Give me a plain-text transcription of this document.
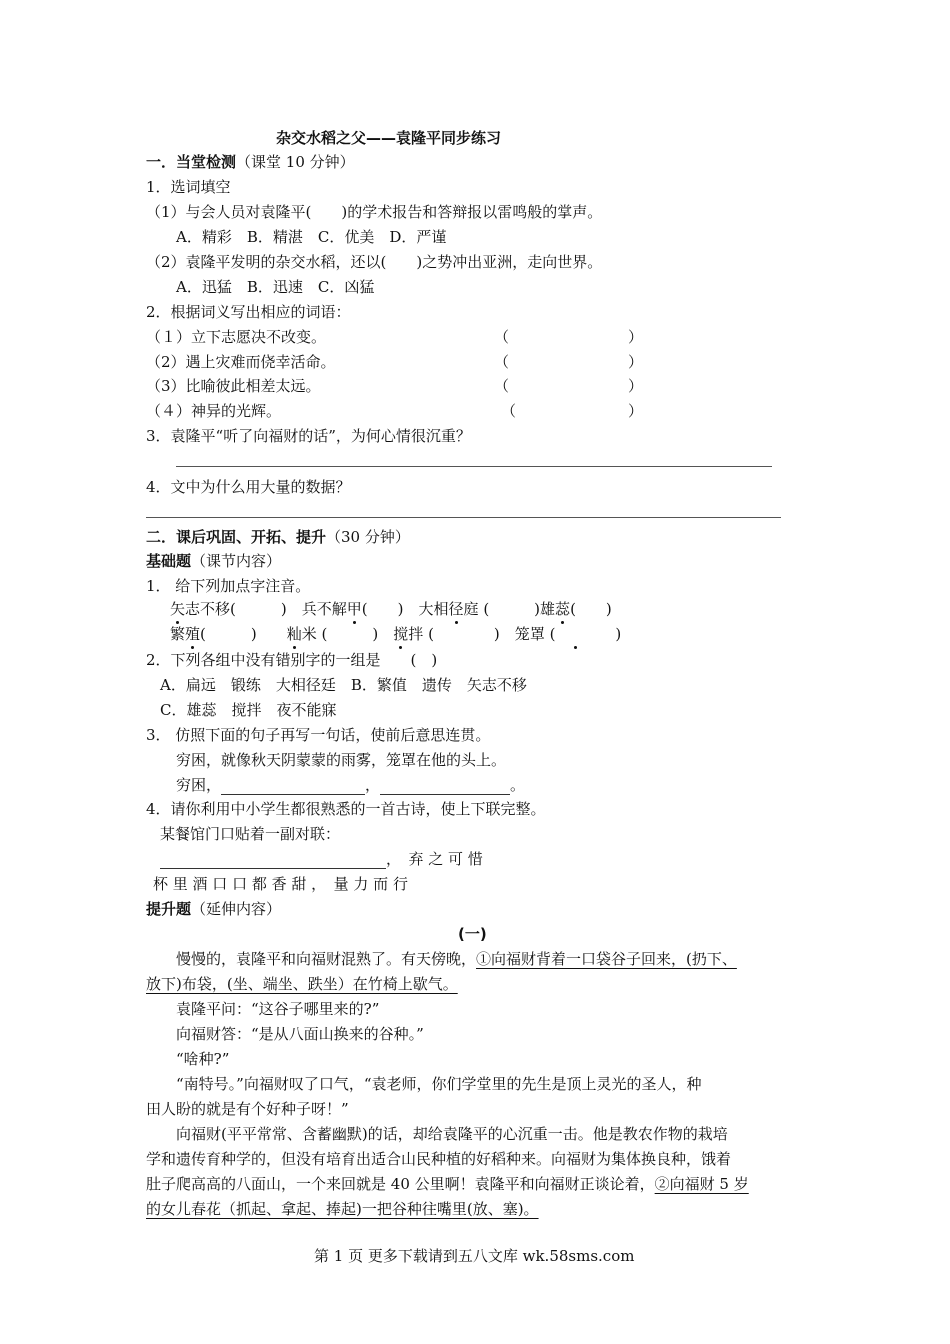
杂交水稻之父——袁隆平同步练习
一．当堂检测（课堂 10 分钟）
1．选词填空
（1）与会人员对袁隆平(　　)的学术报告和答辩报以雷鸣般的掌声。
A．精彩　B．精湛　C．优美　D．严谨
（2）袁隆平发明的杂交水稻，还以(　　)之势冲出亚洲，走向世界。
A．迅猛　B．迅速　C．凶猛
2．根据词义写出相应的词语：
（１）立下志愿决不改变。	（	）
（2）遇上灾难而侥幸活命。	（	）
（3）比喻彼此相差太远。	（	）
（４）神异的光辉。	（	）
3．袁隆平“听了向福财的话”，为何心情很沉重？
4．文中为什么用大量的数据？
二．课后巩固、开拓、提升（30 分钟）
基础题（课节内容）
1． 给下列加点字注音。
矢志不移(　　　)　 兵不解甲(　　)　 大相径庭 (　　　)雄蕊(　　)
繁殖(　　　)　　 籼米 (　　　)　 搅拌 (　　　　)　 笼罩 (　　　　)
2．下列各组中没有错别字的一组是　　(　)
A．扁远　锻练　大相径廷　B．繁值　遗传　矢志不移
C．雄蕊　搅拌　夜不能寐
3． 仿照下面的句子再写一句话，使前后意思连贯。
穷困，就像秋天阴蒙蒙的雨雾，笼罩在他的头上。
穷困，	，	。
4．请你利用中小学生都很熟悉的一首古诗，使上下联完整。
某餐馆门口贴着一副对联：
，　弃 之 可 惜
杯 里 酒 口 口 都 香 甜 ，　量 力 而 行
提升题（延伸内容）
(一)
慢慢的，袁隆平和向福财混熟了。有天傍晚，①向福财背着一口袋谷子回来，(扔下、
放下)布袋，(坐、端坐、跌坐）在竹椅上歇气。
袁隆平问：“这谷子哪里来的?”
向福财答：“是从八面山换来的谷种。”
“啥种?”
“南特号。”向福财叹了口气，“袁老师，你们学堂里的先生是顶上灵光的圣人，种
田人盼的就是有个好种子呀！”
向福财(平平常常、含蓄幽默)的话，却给袁隆平的心沉重一击。他是教农作物的栽培
学和遗传育种学的，但没有培育出适合山民种植的好稻种来。向福财为集体换良种，饿着
肚子爬高高的八面山，一个来回就是 40 公里啊！袁隆平和向福财正谈论着，②向福财 5 岁
的女儿春花（抓起、拿起、捧起)一把谷种往嘴里(放、塞)。
第 1 页 更多下载请到五八文库 wk.58sms.com
